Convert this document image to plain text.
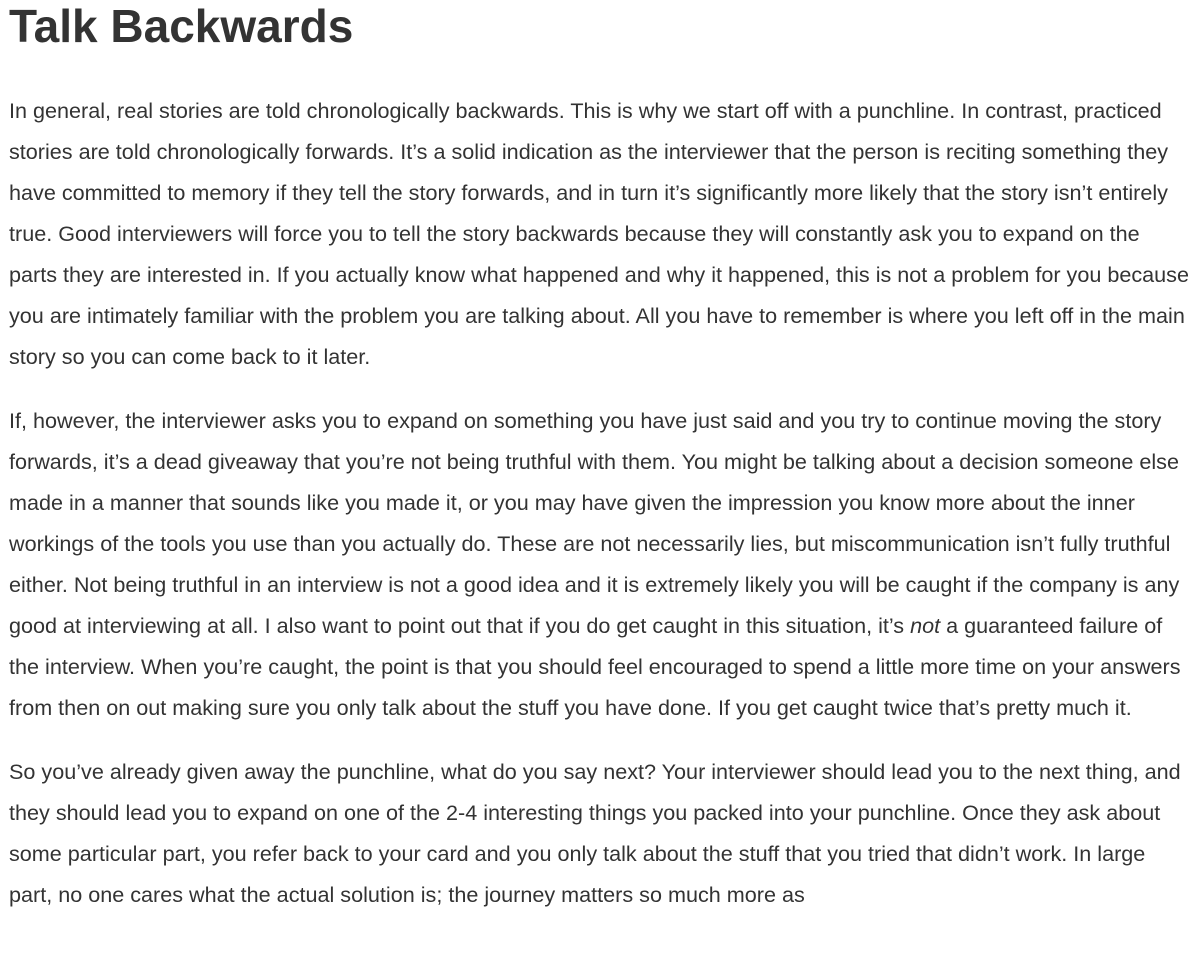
Talk Backwards

In general, real stories are told chronologically backwards. This is why we start off with a punchline. In contrast, practiced stories are told chronologically forwards. It’s a solid indication as the interviewer that the person is reciting something they have committed to memory if they tell the story forwards, and in turn it’s significantly more likely that the story isn’t entirely true. Good interviewers will force you to tell the story backwards because they will constantly ask you to expand on the parts they are interested in. If you actually know what happened and why it happened, this is not a problem for you because you are intimately familiar with the problem you are talking about. All you have to remember is where you left off in the main story so you can come back to it later.

If, however, the interviewer asks you to expand on something you have just said and you try to continue moving the story forwards, it’s a dead giveaway that you’re not being truthful with them. You might be talking about a decision someone else made in a manner that sounds like you made it, or you may have given the impression you know more about the inner workings of the tools you use than you actually do. These are not necessarily lies, but miscommunication isn’t fully truthful either. Not being truthful in an interview is not a good idea and it is extremely likely you will be caught if the company is any good at interviewing at all. I also want to point out that if you do get caught in this situation, it’s not a guaranteed failure of the interview. When you’re caught, the point is that you should feel encouraged to spend a little more time on your answers from then on out making sure you only talk about the stuff you have done. If you get caught twice that’s pretty much it.

So you’ve already given away the punchline, what do you say next? Your interviewer should lead you to the next thing, and they should lead you to expand on one of the 2-4 interesting things you packed into your punchline. Once they ask about some particular part, you refer back to your card and you only talk about the stuff that you tried that didn’t work. In large part, no one cares what the actual solution is; the journey matters so much more as
